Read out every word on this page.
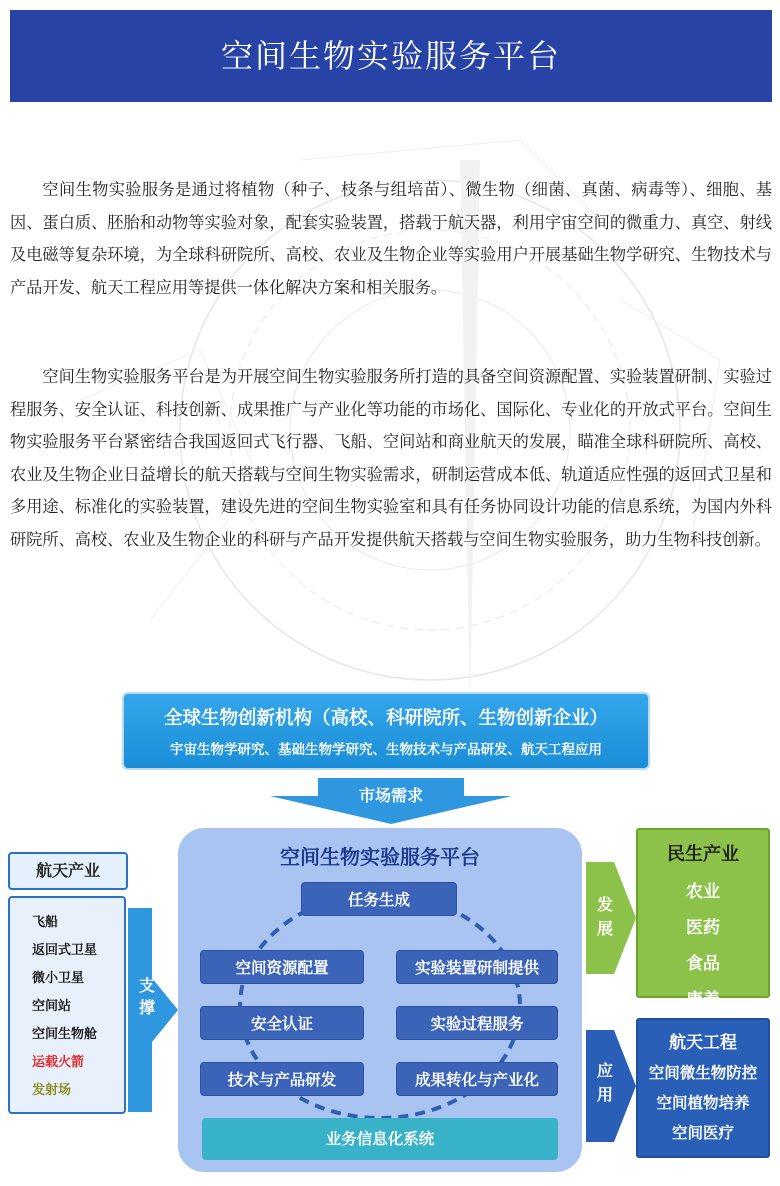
空间生物实验服务平台

空间生物实验服务是通过将植物（种子、枝条与组培苗）、微生物（细菌、真菌、病毒等）、细胞、基因、蛋白质、胚胎和动物等实验对象，配套实验装置，搭载于航天器，利用宇宙空间的微重力、真空、射线及电磁等复杂环境，为全球科研院所、高校、农业及生物企业等实验用户开展基础生物学研究、生物技术与产品开发、航天工程应用等提供一体化解决方案和相关服务。

空间生物实验服务平台是为开展空间生物实验服务所打造的具备空间资源配置、实验装置研制、实验过程服务、安全认证、科技创新、成果推广与产业化等功能的市场化、国际化、专业化的开放式平台。空间生物实验服务平台紧密结合我国返回式飞行器、飞船、空间站和商业航天的发展，瞄准全球科研院所、高校、农业及生物企业日益增长的航天搭载与空间生物实验需求，研制运营成本低、轨道适应性强的返回式卫星和多用途、标准化的实验装置，建设先进的空间生物实验室和具有任务协同设计功能的信息系统，为国内外科研院所、高校、农业及生物企业的科研与产品开发提供航天搭载与空间生物实验服务，助力生物科技创新。

全球生物创新机构（高校、科研院所、生物创新企业）
宇宙生物学研究、基础生物学研究、生物技术与产品研发、航天工程应用
市场需求
空间生物实验服务平台
任务生成
空间资源配置	实验装置研制提供
安全认证	实验过程服务
技术与产品研发	成果转化与产业化
业务信息化系统
航天产业
飞船
返回式卫星
微小卫星
空间站
空间生物舱
运载火箭
发射场
支撑
发展
应用
民生产业
农业
医药
食品
康养
航天工程
空间微生物防控
空间植物培养
空间医疗
